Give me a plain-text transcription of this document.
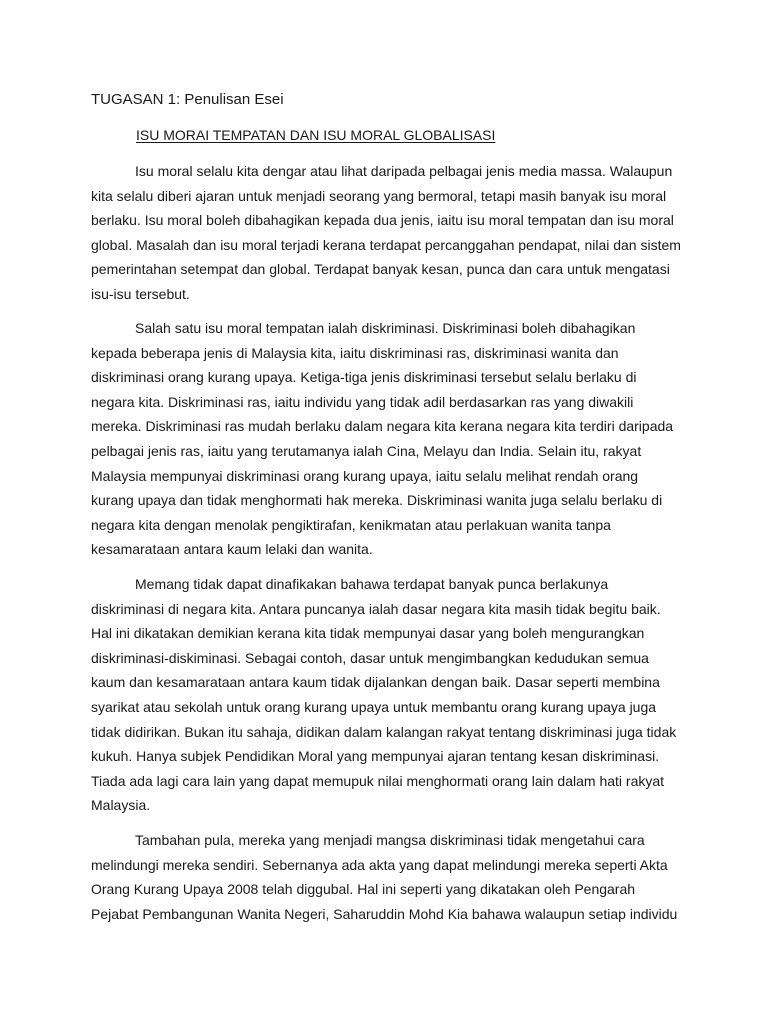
TUGASAN 1: Penulisan Esei
ISU MORAI TEMPATAN DAN ISU MORAL GLOBALISASI
Isu moral selalu kita dengar atau lihat daripada pelbagai jenis media massa. Walaupun
kita selalu diberi ajaran untuk menjadi seorang yang bermoral, tetapi masih banyak isu moral
berlaku. Isu moral boleh dibahagikan kepada dua jenis, iaitu isu moral tempatan dan isu moral
global. Masalah dan isu moral terjadi kerana terdapat percanggahan pendapat, nilai dan sistem
pemerintahan setempat dan global. Terdapat banyak kesan, punca dan cara untuk mengatasi
isu-isu tersebut.
Salah satu isu moral tempatan ialah diskriminasi. Diskriminasi boleh dibahagikan
kepada beberapa jenis di Malaysia kita, iaitu diskriminasi ras, diskriminasi wanita dan
diskriminasi orang kurang upaya. Ketiga-tiga jenis diskriminasi tersebut selalu berlaku di
negara kita. Diskriminasi ras, iaitu individu yang tidak adil berdasarkan ras yang diwakili
mereka. Diskriminasi ras mudah berlaku dalam negara kita kerana negara kita terdiri daripada
pelbagai jenis ras, iaitu yang terutamanya ialah Cina, Melayu dan India. Selain itu, rakyat
Malaysia mempunyai diskriminasi orang kurang upaya, iaitu selalu melihat rendah orang
kurang upaya dan tidak menghormati hak mereka. Diskriminasi wanita juga selalu berlaku di
negara kita dengan menolak pengiktirafan, kenikmatan atau perlakuan wanita tanpa
kesamarataan antara kaum lelaki dan wanita.
Memang tidak dapat dinafikakan bahawa terdapat banyak punca berlakunya
diskriminasi di negara kita. Antara puncanya ialah dasar negara kita masih tidak begitu baik.
Hal ini dikatakan demikian kerana kita tidak mempunyai dasar yang boleh mengurangkan
diskriminasi-diskiminasi. Sebagai contoh, dasar untuk mengimbangkan kedudukan semua
kaum dan kesamarataan antara kaum tidak dijalankan dengan baik. Dasar seperti membina
syarikat atau sekolah untuk orang kurang upaya untuk membantu orang kurang upaya juga
tidak didirikan. Bukan itu sahaja, didikan dalam kalangan rakyat tentang diskriminasi juga tidak
kukuh. Hanya subjek Pendidikan Moral yang mempunyai ajaran tentang kesan diskriminasi.
Tiada ada lagi cara lain yang dapat memupuk nilai menghormati orang lain dalam hati rakyat
Malaysia.
Tambahan pula, mereka yang menjadi mangsa diskriminasi tidak mengetahui cara
melindungi mereka sendiri. Sebernanya ada akta yang dapat melindungi mereka seperti Akta
Orang Kurang Upaya 2008 telah diggubal. Hal ini seperti yang dikatakan oleh Pengarah
Pejabat Pembangunan Wanita Negeri, Saharuddin Mohd Kia bahawa walaupun setiap individu
